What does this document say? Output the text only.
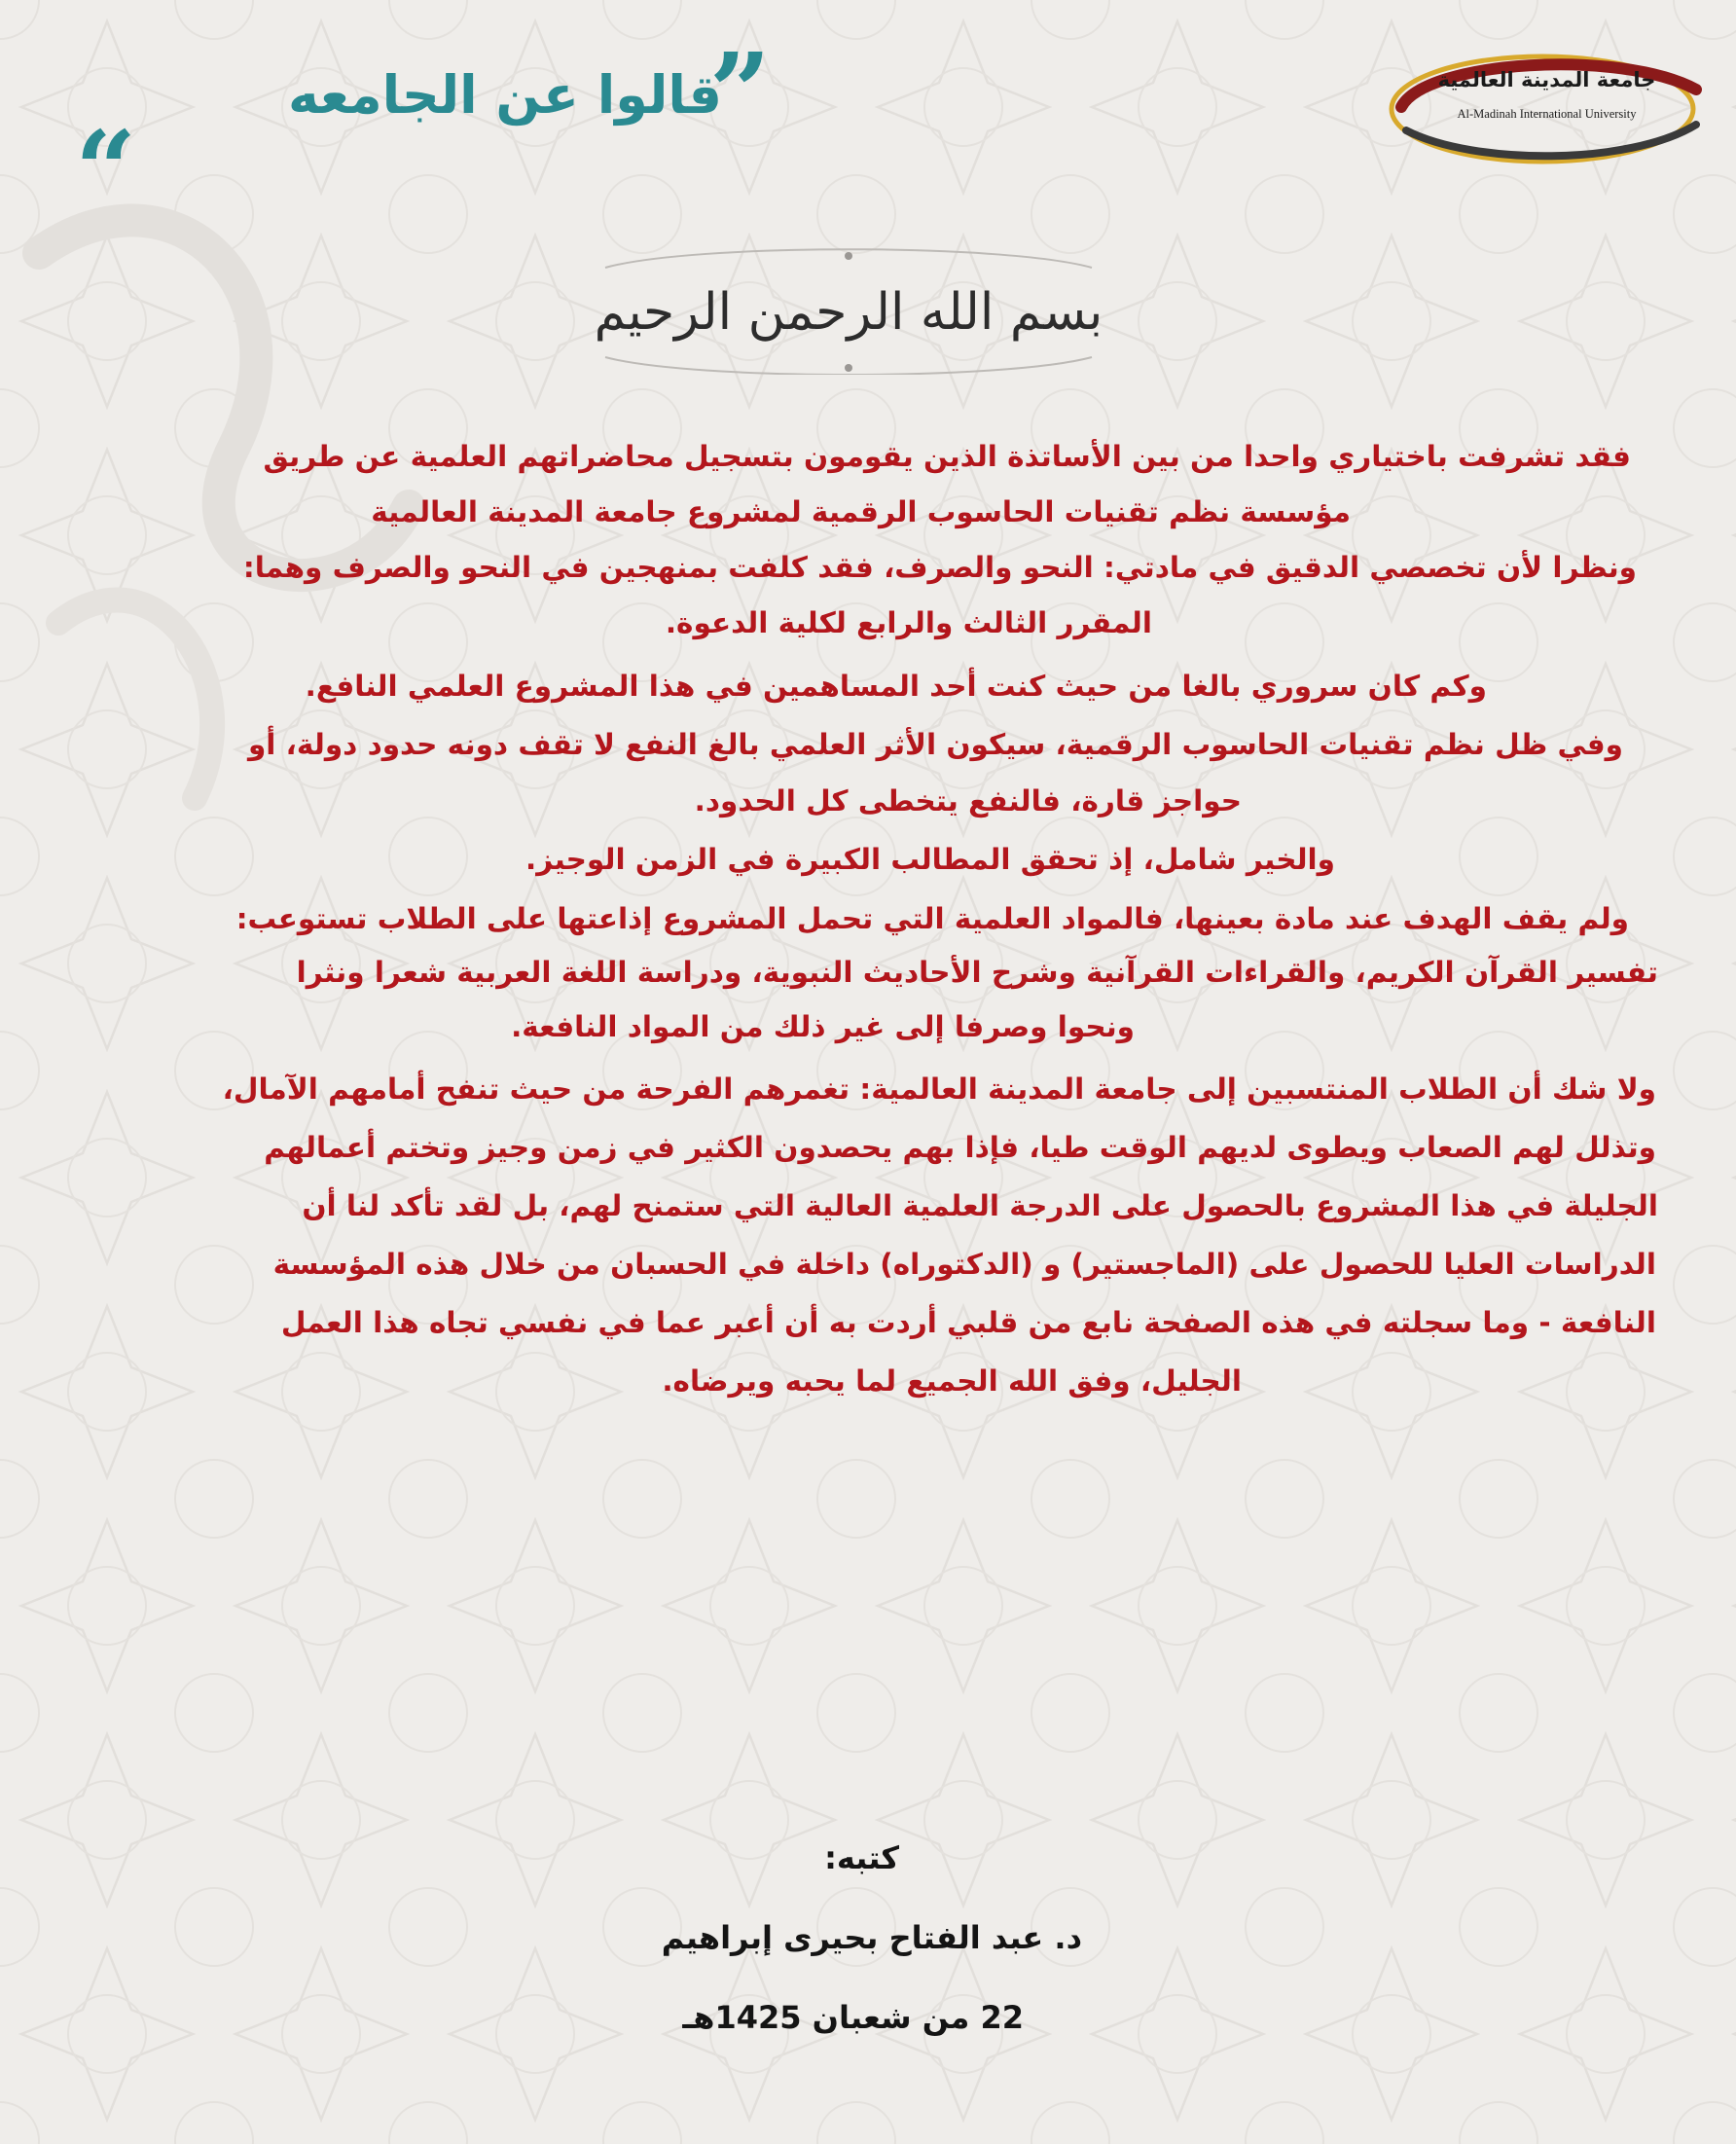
جامعة المدينة العالمية
Al-Madinah International University
”
قالوا عن الجامعه
“
بسم الله الرحمن الرحيم
فقد تشرفت باختياري واحدا من بين الأساتذة الذين يقومون بتسجيل محاضراتهم العلمية عن طريق
مؤسسة نظم تقنيات الحاسوب الرقمية لمشروع جامعة المدينة العالمية
ونظرا لأن تخصصي الدقيق في مادتي: النحو والصرف، فقد كلفت بمنهجين في النحو والصرف وهما:
المقرر الثالث والرابع لكلية الدعوة.
وكم كان سروري بالغا من حيث كنت أحد المساهمين في هذا المشروع العلمي النافع.
وفي ظل نظم تقنيات الحاسوب الرقمية، سيكون الأثر العلمي بالغ النفع لا تقف دونه حدود دولة، أو
حواجز قارة، فالنفع يتخطى كل الحدود.
والخير شامل، إذ تحقق المطالب الكبيرة في الزمن الوجيز.
ولم يقف الهدف عند مادة بعينها، فالمواد العلمية التي تحمل المشروع إذاعتها على الطلاب تستوعب:
تفسير القرآن الكريم، والقراءات القرآنية وشرح الأحاديث النبوية، ودراسة اللغة العربية شعرا ونثرا
ونحوا وصرفا إلى غير ذلك من المواد النافعة.
ولا شك أن الطلاب المنتسبين إلى جامعة المدينة العالمية: تغمرهم الفرحة من حيث تنفح أمامهم الآمال،
وتذلل لهم الصعاب ويطوى لديهم الوقت طيا، فإذا بهم يحصدون الكثير في زمن وجيز وتختم أعمالهم
الجليلة في هذا المشروع بالحصول على الدرجة العلمية العالية التي ستمنح لهم، بل لقد تأكد لنا أن
الدراسات العليا للحصول على (الماجستير) و (الدكتوراه) داخلة في الحسبان من خلال هذه المؤسسة
النافعة - وما سجلته في هذه الصفحة نابع من قلبي أردت به أن أعبر عما في نفسي تجاه هذا العمل
الجليل، وفق الله الجميع لما يحبه ويرضاه.
كتبه:
د. عبد الفتاح بحيرى إبراهيم
22 من شعبان 1425هـ
